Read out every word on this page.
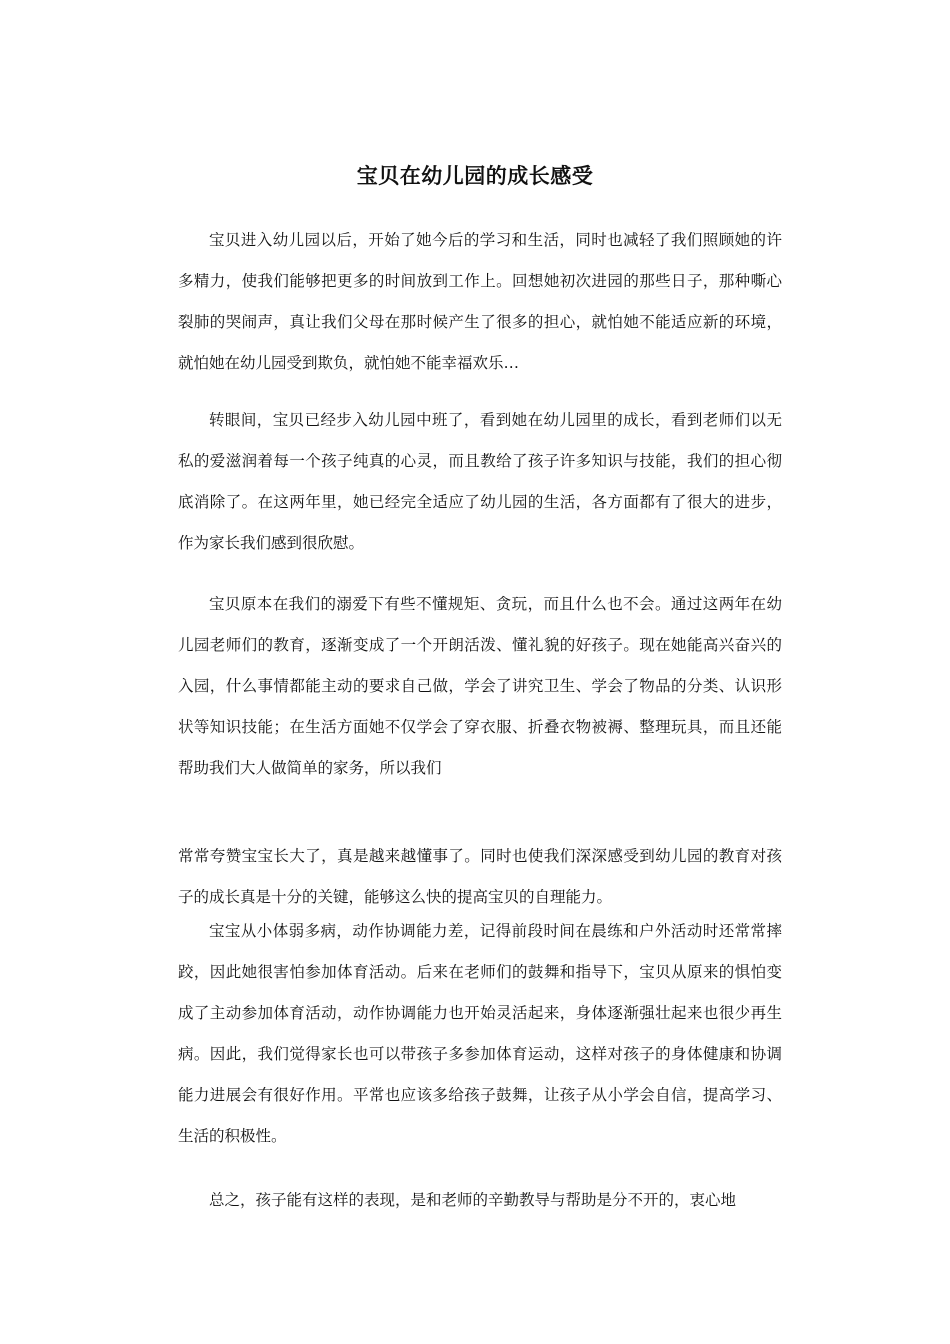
宝贝在幼儿园的成长感受

宝贝进入幼儿园以后，开始了她今后的学习和生活，同时也减轻了我们照顾她的许多精力，使我们能够把更多的时间放到工作上。回想她初次进园的那些日子，那种嘶心裂肺的哭闹声，真让我们父母在那时候产生了很多的担心，就怕她不能适应新的环境，就怕她在幼儿园受到欺负，就怕她不能幸福欢乐…

转眼间，宝贝已经步入幼儿园中班了，看到她在幼儿园里的成长，看到老师们以无私的爱滋润着每一个孩子纯真的心灵，而且教给了孩子许多知识与技能，我们的担心彻底消除了。在这两年里，她已经完全适应了幼儿园的生活，各方面都有了很大的进步，作为家长我们感到很欣慰。

宝贝原本在我们的溺爱下有些不懂规矩、贪玩，而且什么也不会。通过这两年在幼儿园老师们的教育，逐渐变成了一个开朗活泼、懂礼貌的好孩子。现在她能高兴奋兴的入园，什么事情都能主动的要求自己做，学会了讲究卫生、学会了物品的分类、认识形状等知识技能；在生活方面她不仅学会了穿衣服、折叠衣物被褥、整理玩具，而且还能帮助我们大人做简单的家务，所以我们

常常夸赞宝宝长大了，真是越来越懂事了。同时也使我们深深感受到幼儿园的教育对孩子的成长真是十分的关键，能够这么快的提高宝贝的自理能力。

宝宝从小体弱多病，动作协调能力差，记得前段时间在晨练和户外活动时还常常摔跤，因此她很害怕参加体育活动。后来在老师们的鼓舞和指导下，宝贝从原来的惧怕变成了主动参加体育活动，动作协调能力也开始灵活起来，身体逐渐强壮起来也很少再生病。因此，我们觉得家长也可以带孩子多参加体育运动，这样对孩子的身体健康和协调能力进展会有很好作用。平常也应该多给孩子鼓舞，让孩子从小学会自信，提高学习、生活的积极性。

总之，孩子能有这样的表现，是和老师的辛勤教导与帮助是分不开的，衷心地
